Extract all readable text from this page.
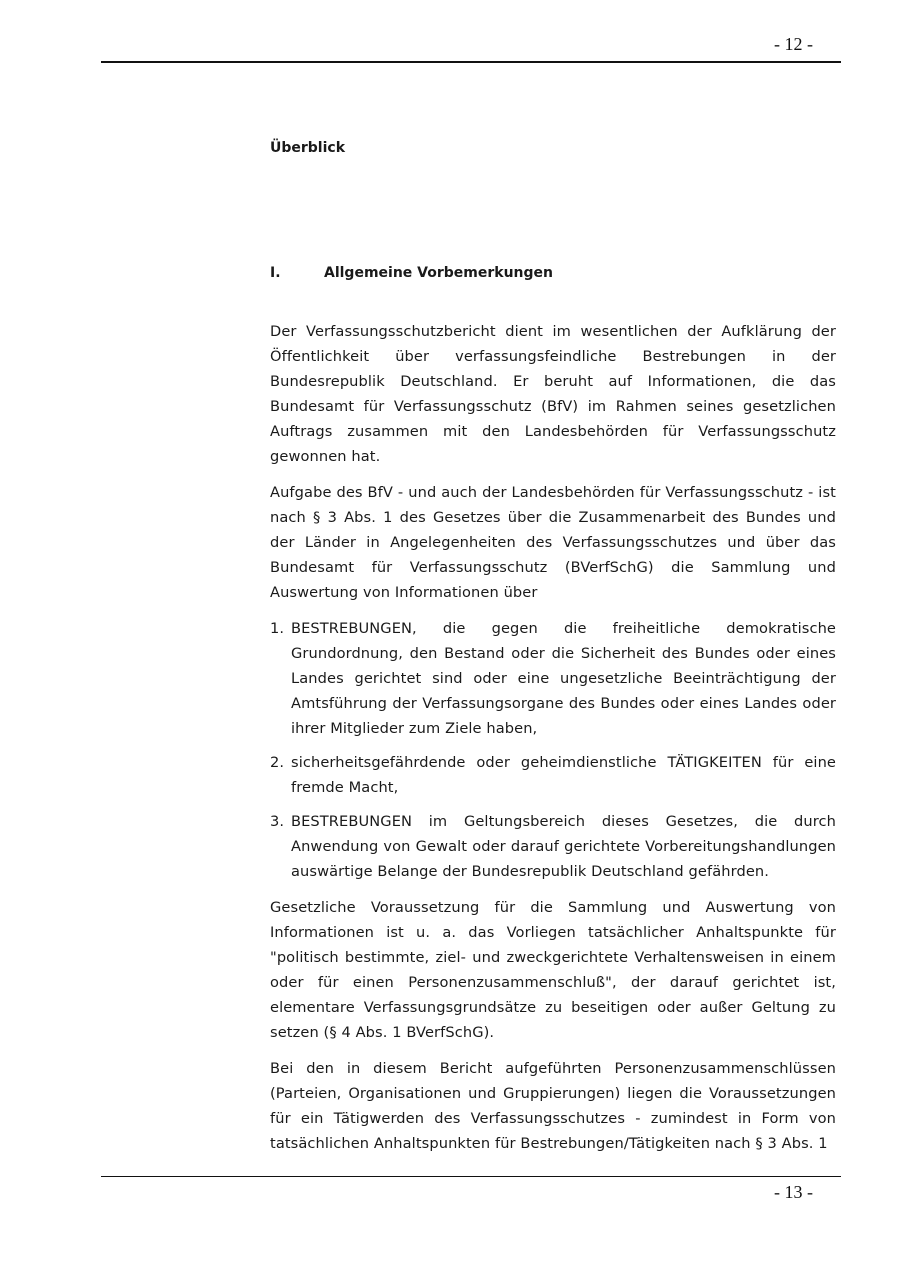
- 12 -
Überblick
I.	Allgemeine Vorbemerkungen

Der Verfassungsschutzbericht dient im wesentlichen der Aufklärung der Öffentlichkeit über verfassungsfeindliche Bestrebungen in der Bundesrepublik Deutschland. Er beruht auf Informationen, die das Bundesamt für Verfassungsschutz (BfV) im Rahmen seines gesetzlichen Auftrags zusammen mit den Landesbehörden für Verfassungsschutz gewonnen hat.

Aufgabe des BfV - und auch der Landesbehörden für Verfassungsschutz - ist nach § 3 Abs. 1 des Gesetzes über die Zusammenarbeit des Bundes und der Länder in Angelegenheiten des Verfassungsschutzes und über das Bundesamt für Verfassungsschutz (BVerfSchG) die Sammlung und Auswertung von Informationen über

1. BESTREBUNGEN, die gegen die freiheitliche demokratische Grundordnung, den Bestand oder die Sicherheit des Bundes oder eines Landes gerichtet sind oder eine ungesetzliche Beeinträchtigung der Amtsführung der Verfassungsorgane des Bundes oder eines Landes oder ihrer Mitglieder zum Ziele haben,
2. sicherheitsgefährdende oder geheimdienstliche TÄTIGKEITEN für eine fremde Macht,
3. BESTREBUNGEN im Geltungsbereich dieses Gesetzes, die durch Anwendung von Gewalt oder darauf gerichtete Vorbereitungshandlungen auswärtige Belange der Bundesrepublik Deutschland gefährden.

Gesetzliche Voraussetzung für die Sammlung und Auswertung von Informationen ist u. a. das Vorliegen tatsächlicher Anhaltspunkte für "politisch bestimmte, ziel- und zweckgerichtete Verhaltensweisen in einem oder für einen Personenzusammenschluß", der darauf gerichtet ist, elementare Verfassungsgrundsätze zu beseitigen oder außer Geltung zu setzen (§ 4 Abs. 1 BVerfSchG).

Bei den in diesem Bericht aufgeführten Personenzusammenschlüssen (Parteien, Organisationen und Gruppierungen) liegen die Voraussetzungen für ein Tätigwerden des Verfassungsschutzes - zumindest in Form von tatsächlichen Anhaltspunkten für Bestrebungen/Tätigkeiten nach § 3 Abs. 1

- 13 -
